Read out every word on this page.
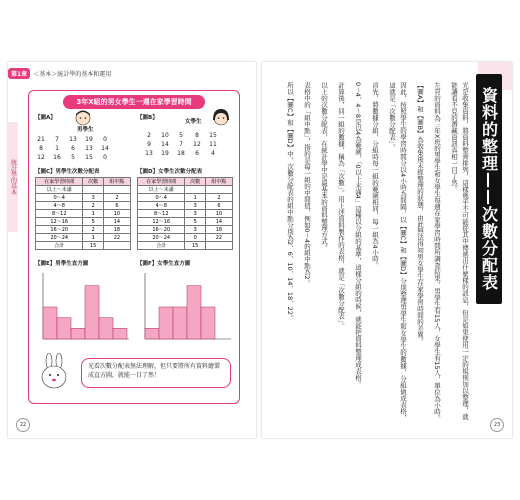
第1章	＜基本＞統計學的基本和運用
統計學的基本
3年X組的男女學生一週在家學習時間
【圖A】
男學生
21 7 13 19 0
8 1 6 13 14
12 16 5 15 0
【圖B】
女學生
2 10 5 8 15
9 14 7 12 11
13 19 18 6 4
【圖C】男學生次數分配表
在家學習時間	次數	組中點
以上～未滿		
0～4	3	2
4～8	2	6
8～12	1	10
12～16	5	14
16～20	2	18
20～24	1	22
合計	15	
【圖D】女學生次數分配表
在家學習時間	次數	組中點
以上～未滿		
0～4	1	2
4～8	3	6
8～12	3	10
12～16	5	14
16～20	3	18
20～24	0	22
合計	15	
【圖E】男學生直方圖	【圖F】女學生直方圖
光看次數分配表無法理解，但只要將所有資料繪製成直方圖，就能一目了然！
22
資料的整理——次數分配表

光是收集資料，將資料整齊排列，這樣幾乎不可能從其中傳遞出什麼樣的訊息，但是如果使用一定的規則加以整理，就能讓看不見的潛藏資訊真相一目了然。

左頁的資料為三年X班的男學生和女學生每週在家學習時間所調查結果，男學生有15人，女學生有15人，單位為小時。

【圖A】和【圖B】為收集後未經整理的狀態，由此無法得知男女學生在家學習時間的差異。

因此，按照學生的學習時間分以4小時為間隔，以【圖C】和【圖D】分別整理男學生和女學生的數據，分組做成表格，這就是「次數分配表」。

首先，將數據分組，分組時每一組的範圍相同，每一組為4小時。

0～4、4～8是以4為範圍，「0以上未滿4」這種以分組的基準，這樣分組的時候，就能把資料整理成表格。

計算後，同一組的數據，稱為「次數」。用上述資料製作的表格，就是「次數分配表」。

以上的次數分配表，在統計學中是最基本的資料整理方式。

表格中的「組中點」，指的是每一組的中間值，例如0～4的組中點為2。

所以【圖C】和【圖D】中，次數分配表的組中點分別為2、6、10、14、18、22。

23
